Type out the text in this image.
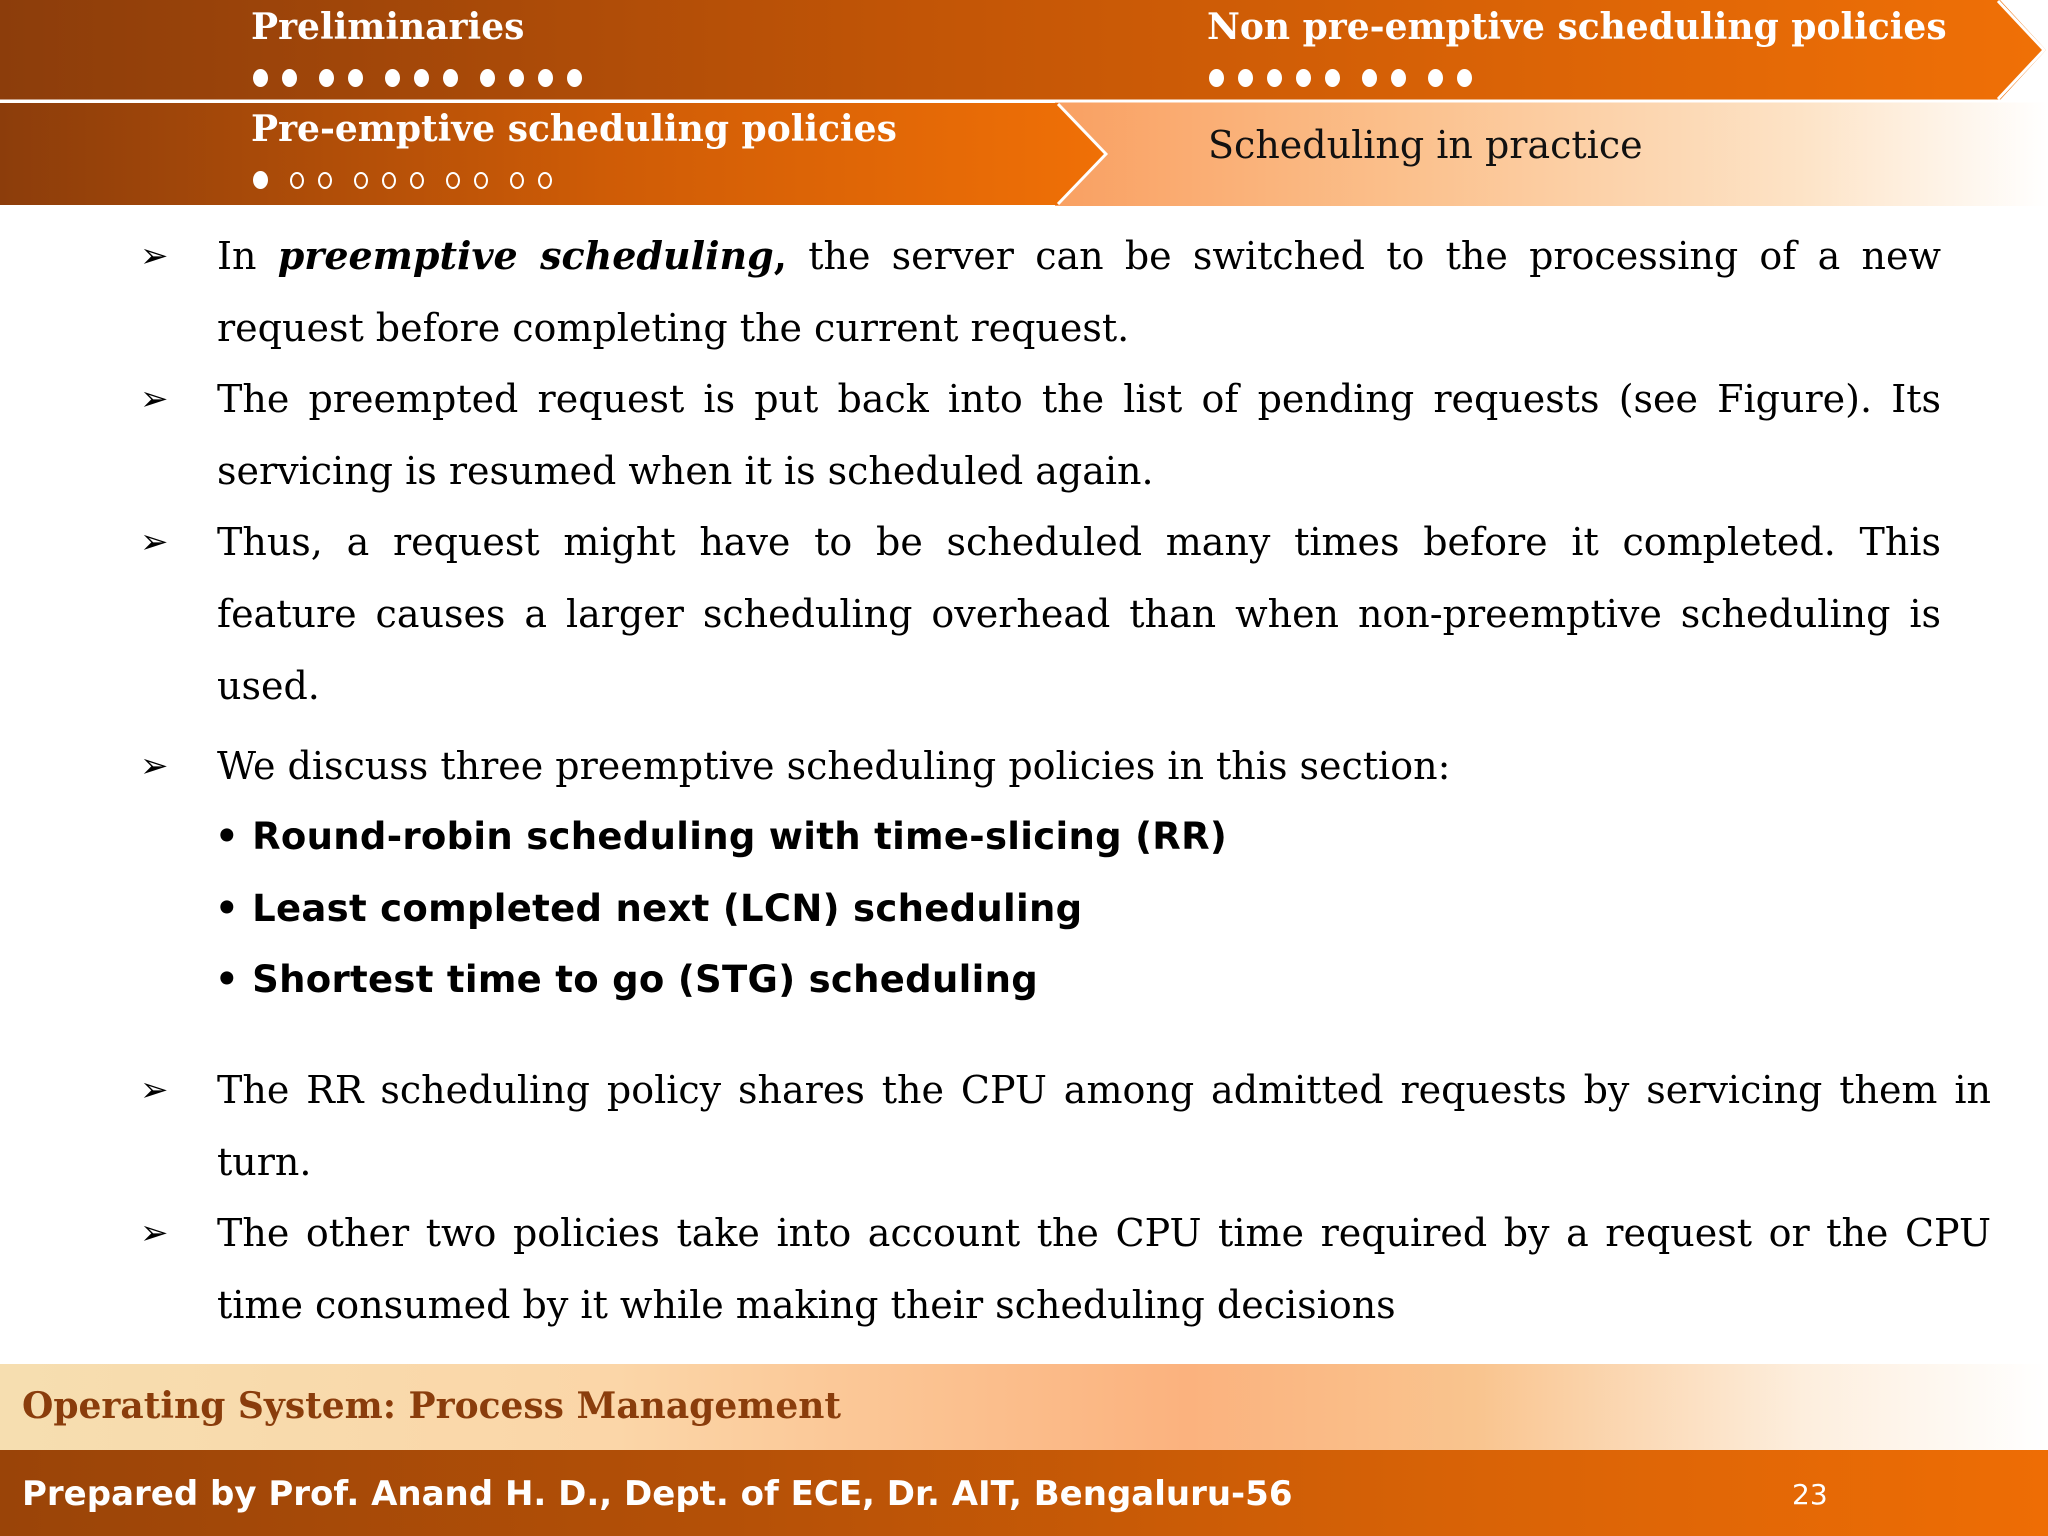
Preliminaries	Non pre-emptive scheduling policies
Pre-emptive scheduling policies	Scheduling in practice
➢ In preemptive scheduling, the server can be switched to the processing of a new request before completing the current request.

➢ The preempted request is put back into the list of pending requests (see Figure). Its servicing is resumed when it is scheduled again.

➢ Thus, a request might have to be scheduled many times before it completed. This feature causes a larger scheduling overhead than when non-preemptive scheduling is used.

➢ We discuss three preemptive scheduling policies in this section:

• Round-robin scheduling with time-slicing (RR)
• Least completed next (LCN) scheduling
• Shortest time to go (STG) scheduling
➢ The RR scheduling policy shares the CPU among admitted requests by servicing them in turn.

➢ The other two policies take into account the CPU time required by a request or the CPU time consumed by it while making their scheduling decisions

Operating System: Process Management
Prepared by Prof. Anand H. D., Dept. of ECE, Dr. AIT, Bengaluru-56	23
